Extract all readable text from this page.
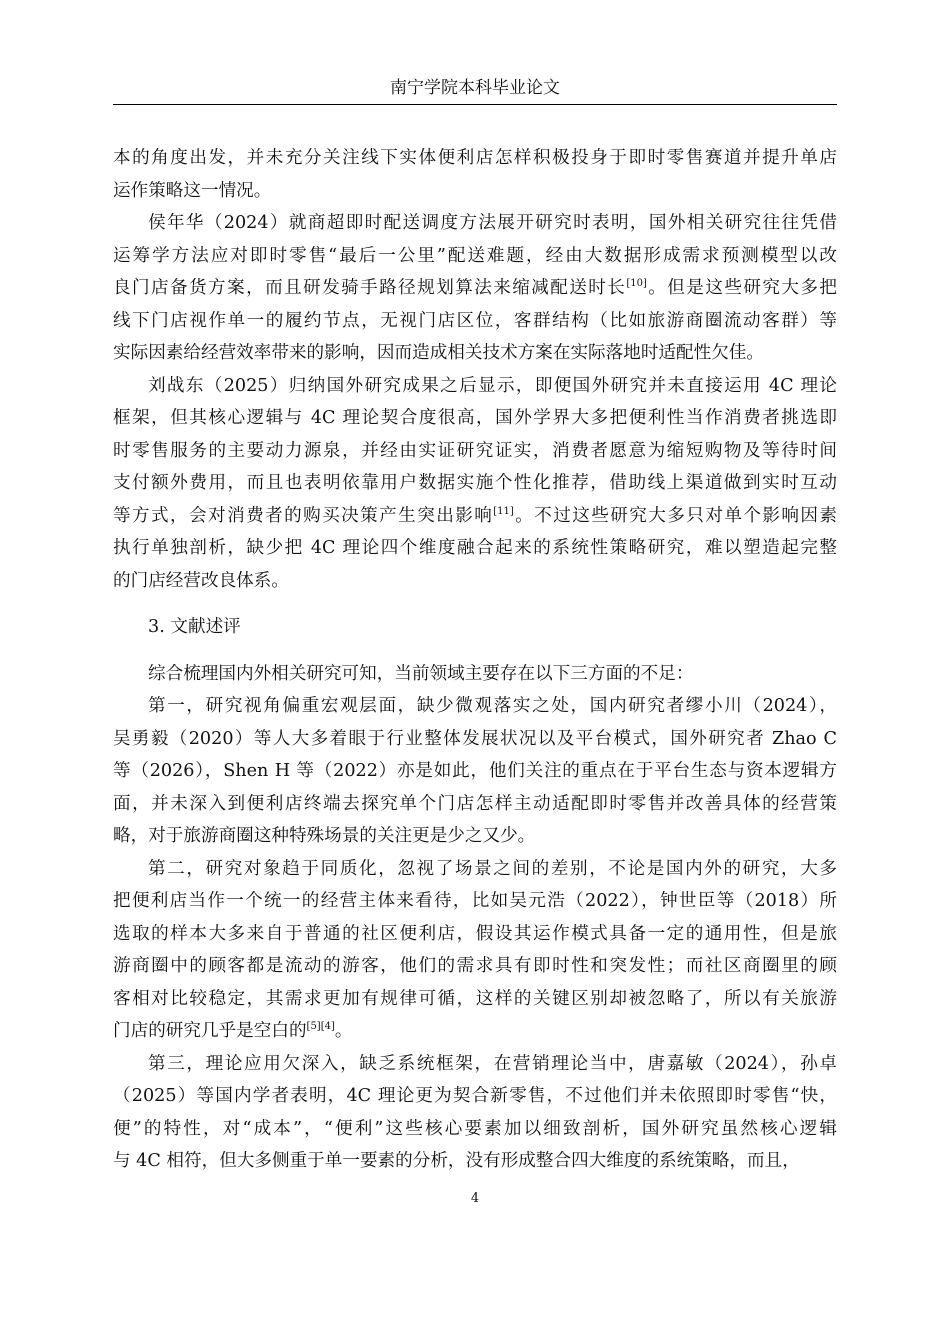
南宁学院本科毕业论文
本的角度出发，并未充分关注线下实体便利店怎样积极投身于即时零售赛道并提升单店
运作策略这一情况。
侯年华（2024）就商超即时配送调度方法展开研究时表明，国外相关研究往往凭借
运筹学方法应对即时零售“最后一公里”配送难题，经由大数据形成需求预测模型以改
良门店备货方案，而且研发骑手路径规划算法来缩减配送时长[10]。但是这些研究大多把
线下门店视作单一的履约节点，无视门店区位，客群结构（比如旅游商圈流动客群）等
实际因素给经营效率带来的影响，因而造成相关技术方案在实际落地时适配性欠佳。
刘战东（2025）归纳国外研究成果之后显示，即便国外研究并未直接运用 4C 理论
框架，但其核心逻辑与 4C 理论契合度很高，国外学界大多把便利性当作消费者挑选即
时零售服务的主要动力源泉，并经由实证研究证实，消费者愿意为缩短购物及等待时间
支付额外费用，而且也表明依靠用户数据实施个性化推荐，借助线上渠道做到实时互动
等方式，会对消费者的购买决策产生突出影响[11]。不过这些研究大多只对单个影响因素
执行单独剖析，缺少把 4C 理论四个维度融合起来的系统性策略研究，难以塑造起完整
的门店经营改良体系。
3. 文献述评
综合梳理国内外相关研究可知，当前领域主要存在以下三方面的不足：
第一，研究视角偏重宏观层面，缺少微观落实之处，国内研究者缪小川（2024），
吴勇毅（2020）等人大多着眼于行业整体发展状况以及平台模式，国外研究者 Zhao C
等（2026），Shen H 等（2022）亦是如此，他们关注的重点在于平台生态与资本逻辑方
面，并未深入到便利店终端去探究单个门店怎样主动适配即时零售并改善具体的经营策
略，对于旅游商圈这种特殊场景的关注更是少之又少。
第二，研究对象趋于同质化，忽视了场景之间的差别，不论是国内外的研究，大多
把便利店当作一个统一的经营主体来看待，比如吴元浩（2022），钟世臣等（2018）所
选取的样本大多来自于普通的社区便利店，假设其运作模式具备一定的通用性，但是旅
游商圈中的顾客都是流动的游客，他们的需求具有即时性和突发性；而社区商圈里的顾
客相对比较稳定，其需求更加有规律可循，这样的关键区别却被忽略了，所以有关旅游
门店的研究几乎是空白的[5][4]。
第三，理论应用欠深入，缺乏系统框架，在营销理论当中，唐嘉敏（2024），孙卓
（2025）等国内学者表明，4C 理论更为契合新零售，不过他们并未依照即时零售“快，
便”的特性，对“成本”，“便利”这些核心要素加以细致剖析，国外研究虽然核心逻辑
与 4C 相符，但大多侧重于单一要素的分析，没有形成整合四大维度的系统策略，而且，
4
